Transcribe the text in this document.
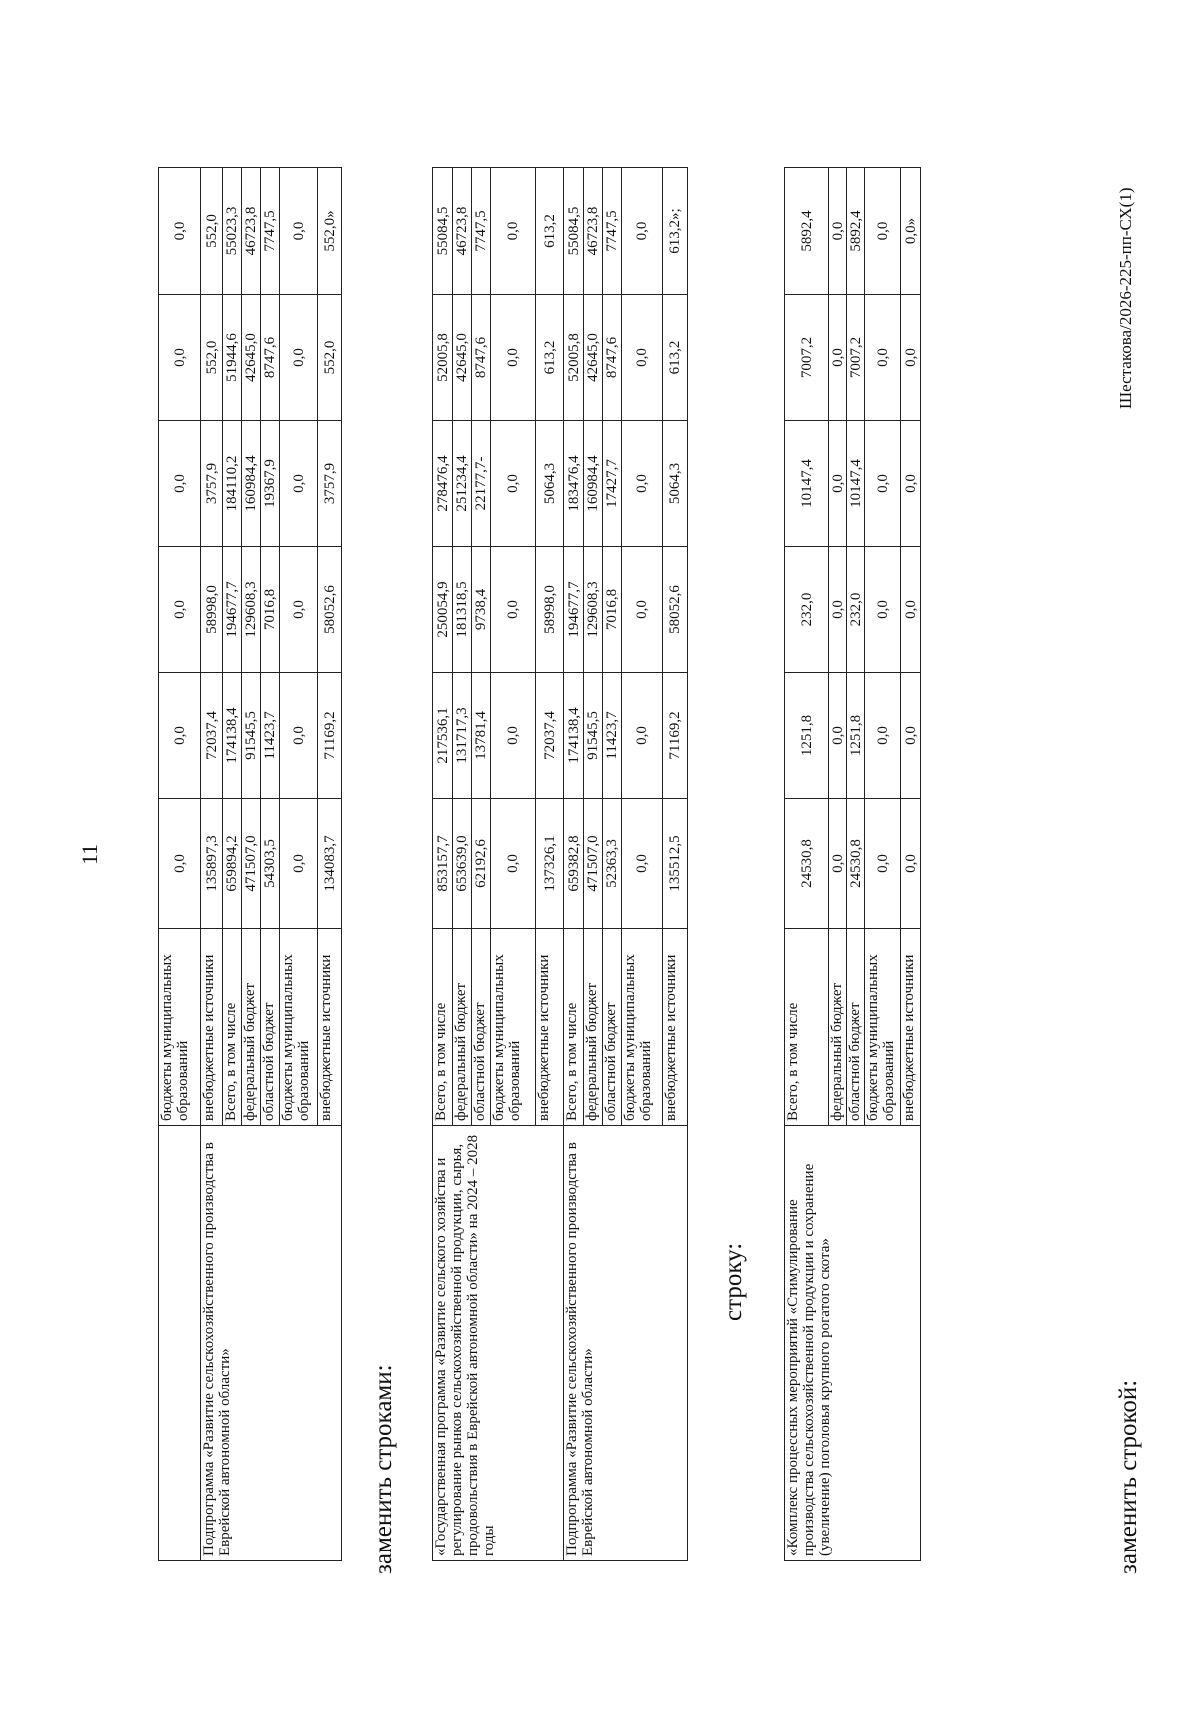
11
	бюджеты муниципальных образований	0,0	0,0	0,0	0,0	0,0	0,0
Подпрограмма «Развитие сельскохозяйственного производства в Еврейской автономной области»	внебюджетные источники	135897,3	72037,4	58998,0	3757,9	552,0	552,0
	Всего, в том числе	659894,2	174138,4	194677,7	184110,2	51944,6	55023,3
	федеральный бюджет	471507,0	91545,5	129608,3	160984,4	42645,0	46723,8
	областной бюджет	54303,5	11423,7	7016,8	19367,9	8747,6	7747,5
	бюджеты муниципальных образований	0,0	0,0	0,0	0,0	0,0	0,0
	внебюджетные источники	134083,7	71169,2	58052,6	3757,9	552,0	552,0»
заменить строками: «Государственная программа «Развитие сельского хозяйства и регулирование рынков сельскохозяйственной продукции, сырья, продовольствия в Еврейской автономной области» на 2024 – 2028 годы	Всего, в том числе	853157,7	217536,1	250054,9	278476,4	52005,8	55084,5
	федеральный бюджет	653639,0	131717,3	181318,5	251234,4	42645,0	46723,8
	областной бюджет	62192,6	13781,4	9738,4	22177,7-	8747,6	7747,5
	бюджеты муниципальных образований	0,0	0,0	0,0	0,0	0,0	0,0
	внебюджетные источники	137326,1	72037,4	58998,0	5064,3	613,2	613,2
Подпрограмма «Развитие сельскохозяйственного производства в Еврейской автономной области»	Всего, в том числе	659382,8	174138,4	194677,7	183476,4	52005,8	55084,5
	федеральный бюджет	471507,0	91545,5	129608,3	160984,4	42645,0	46723,8
	областной бюджет	52363,3	11423,7	7016,8	17427,7	8747,6	7747,5
	бюджеты муниципальных образований	0,0	0,0	0,0	0,0	0,0	0,0
	внебюджетные источники	135512,5	71169,2	58052,6	5064,3	613,2	613,2»;
строку:	«Комплекс процессных мероприятий «Стимулирование производства сельскохозяйственной продукции и сохранение (увеличение) поголовья крупного рогатого скота»	Всего, в том числе	24530,8	1251,8	232,0	10147,4	7007,2	5892,4
	федеральный бюджет	0,0	0,0	0,0	0,0	0,0	0,0
	областной бюджет	24530,8	1251,8	232,0	10147,4	7007,2	5892,4
	бюджеты муниципальных образований	0,0	0,0	0,0	0,0	0,0	0,0
	внебюджетные источники	0,0	0,0	0,0	0,0	0,0	0,0»
заменить строкой:
Шестакова/2026-225-пп-СХ(1)
